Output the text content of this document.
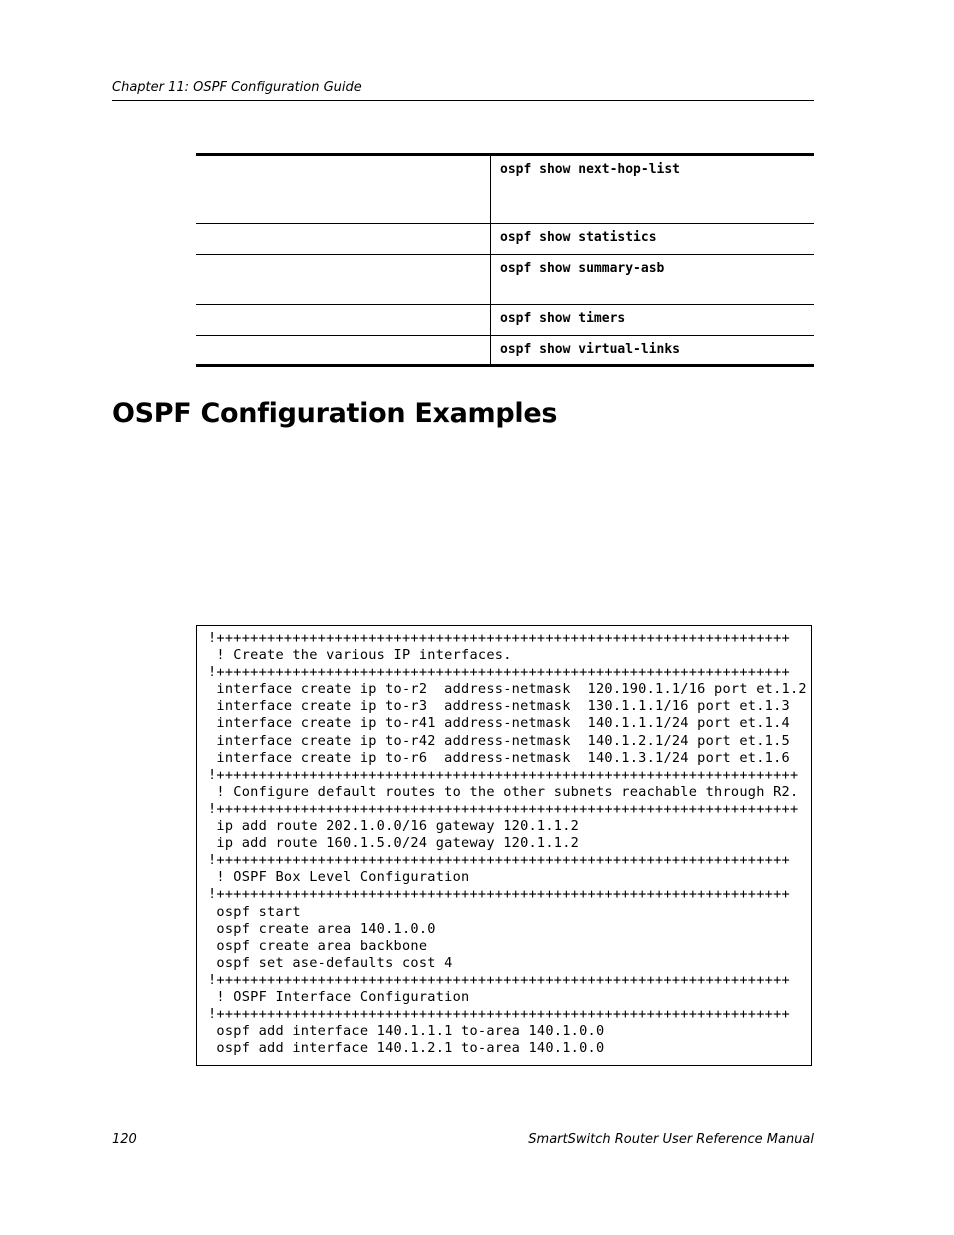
Chapter 11: OSPF Configuration Guide
	ospf show next-hop-list
	ospf show statistics
	ospf show summary-asb
	ospf show timers
	ospf show virtual-links
OSPF Configuration Examples
!++++++++++++++++++++++++++++++++++++++++++++++++++++++++++++++++++++
! Create the various IP interfaces.
!++++++++++++++++++++++++++++++++++++++++++++++++++++++++++++++++++++
interface create ip to-r2  address-netmask  120.190.1.1/16 port et.1.2
interface create ip to-r3  address-netmask  130.1.1.1/16 port et.1.3
interface create ip to-r41 address-netmask  140.1.1.1/24 port et.1.4
interface create ip to-r42 address-netmask  140.1.2.1/24 port et.1.5
interface create ip to-r6  address-netmask  140.1.3.1/24 port et.1.6
!+++++++++++++++++++++++++++++++++++++++++++++++++++++++++++++++++++++
! Configure default routes to the other subnets reachable through R2.
!+++++++++++++++++++++++++++++++++++++++++++++++++++++++++++++++++++++
ip add route 202.1.0.0/16 gateway 120.1.1.2
ip add route 160.1.5.0/24 gateway 120.1.1.2
!++++++++++++++++++++++++++++++++++++++++++++++++++++++++++++++++++++
! OSPF Box Level Configuration
!++++++++++++++++++++++++++++++++++++++++++++++++++++++++++++++++++++
ospf start
ospf create area 140.1.0.0
ospf create area backbone
ospf set ase-defaults cost 4
!++++++++++++++++++++++++++++++++++++++++++++++++++++++++++++++++++++
! OSPF Interface Configuration
!++++++++++++++++++++++++++++++++++++++++++++++++++++++++++++++++++++
ospf add interface 140.1.1.1 to-area 140.1.0.0
ospf add interface 140.1.2.1 to-area 140.1.0.0

120	SmartSwitch Router User Reference Manual
